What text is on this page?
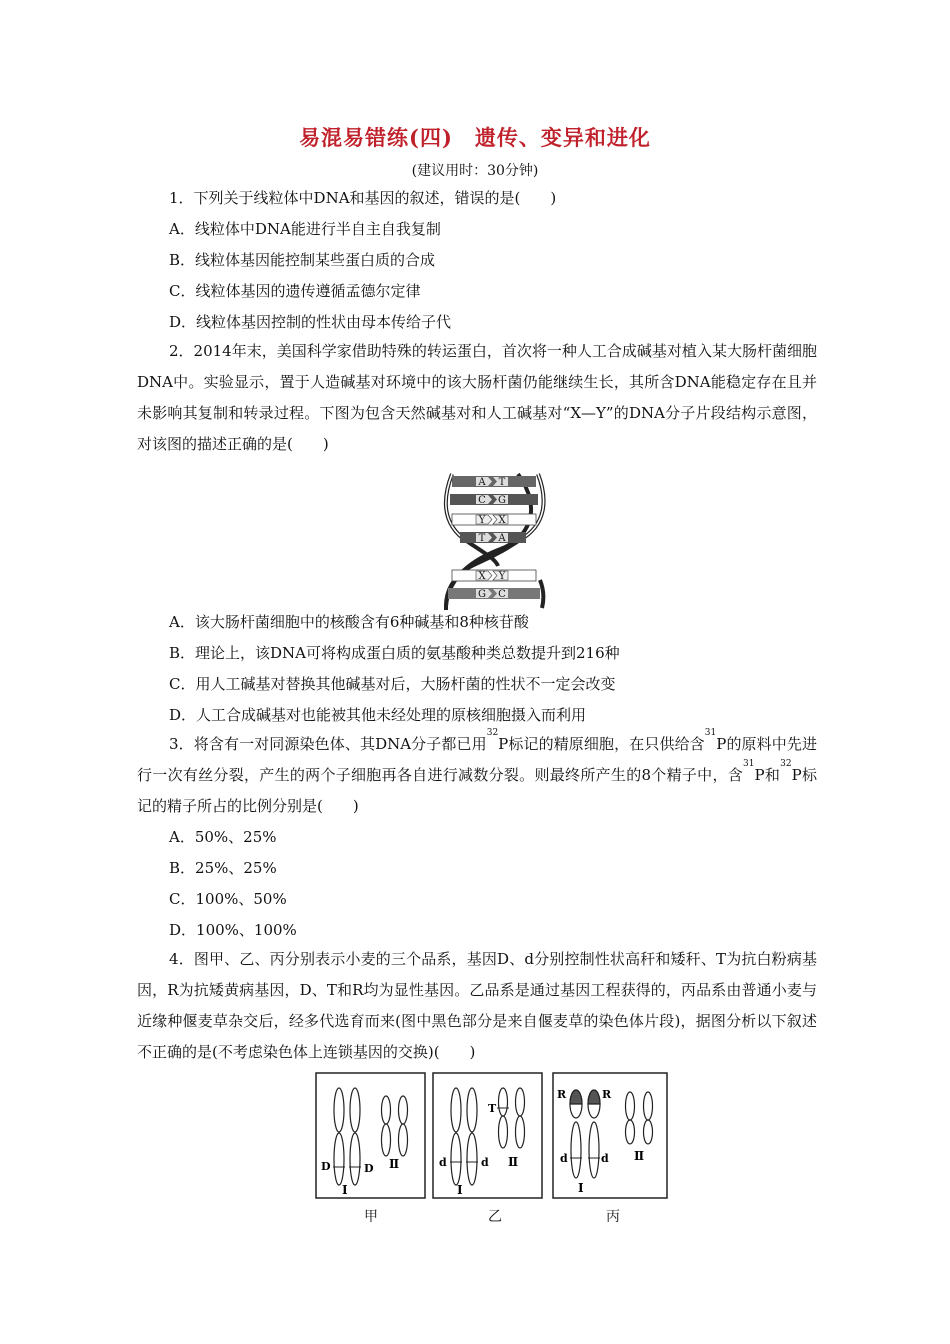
易混易错练(四)　遗传、变异和进化
(建议用时：30分钟)
1．下列关于线粒体中DNA和基因的叙述，错误的是(　　)
A．线粒体中DNA能进行半自主自我复制
B．线粒体基因能控制某些蛋白质的合成
C．线粒体基因的遗传遵循孟德尔定律
D．线粒体基因控制的性状由母本传给子代
2．2014年末，美国科学家借助特殊的转运蛋白，首次将一种人工合成碱基对植入某大肠杆菌细胞DNA中。实验显示，置于人造碱基对环境中的该大肠杆菌仍能继续生长，其所含DNA能稳定存在且并未影响其复制和转录过程。下图为包含天然碱基对和人工碱基对“X—Y”的DNA分子片段结构示意图，对该图的描述正确的是(　　)
A T
C G
Y X
T A
X Y
G C
A．该大肠杆菌细胞中的核酸含有6种碱基和8种核苷酸
B．理论上，该DNA可将构成蛋白质的氨基酸种类总数提升到216种
C．用人工碱基对替换其他碱基对后，大肠杆菌的性状不一定会改变
D．人工合成碱基对也能被其他未经处理的原核细胞摄入而利用
3．将含有一对同源染色体、其DNA分子都已用$^{32}$P标记的精原细胞，在只供给含$^{31}$P的原料中先进行一次有丝分裂，产生的两个子细胞再各自进行减数分裂。则最终所产生的8个精子中，含$^{31}$P和$^{32}$P标记的精子所占的比例分别是(　　)
A．50%、25%
B．25%、25%
C．100%、50%
D．100%、100%
4．图甲、乙、丙分别表示小麦的三个品系，基因D、d分别控制性状高秆和矮秆、T为抗白粉病基因，R为抗矮黄病基因，D、T和R均为显性基因。乙品系是通过基因工程获得的，丙品系由普通小麦与近缘种偃麦草杂交后，经多代选育而来(图中黑色部分是来自偃麦草的染色体片段)，据图分析以下叙述不正确的是(不考虑染色体上连锁基因的交换)(　　)
D	D
Ⅰ
Ⅱ
甲
T
d	d
Ⅰ
Ⅱ
乙
R	R
d	d
Ⅰ
Ⅱ
丙
